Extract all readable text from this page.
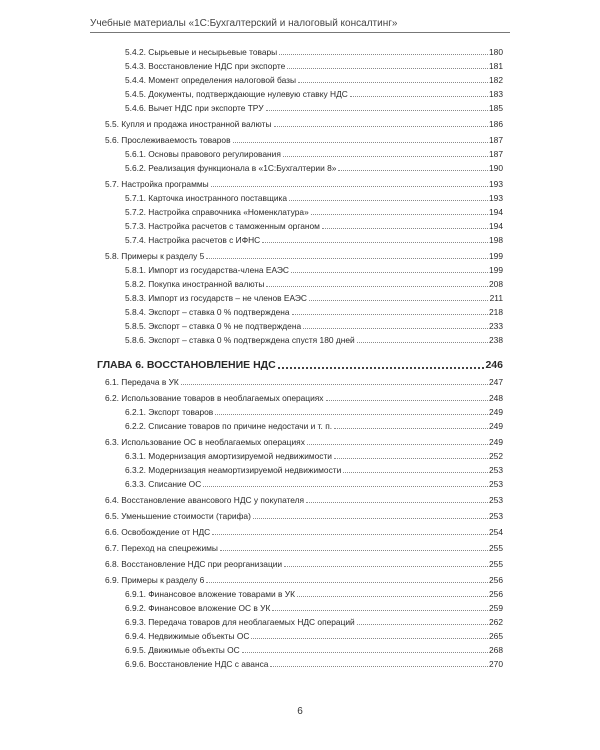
Учебные материалы «1С:Бухгалтерский и налоговый консалтинг»
5.4.2. Сырьевые и несырьевые товары	180
5.4.3. Восстановление НДС при экспорте	181
5.4.4. Момент определения налоговой базы	182
5.4.5. Документы, подтверждающие нулевую ставку НДС	183
5.4.6. Вычет НДС при экспорте ТРУ	185
5.5. Купля и продажа иностранной валюты	186
5.6. Прослеживаемость товаров	187
5.6.1. Основы правового регулирования	187
5.6.2. Реализация функционала в «1С:Бухгалтерии 8»	190
5.7. Настройка программы	193
5.7.1. Карточка иностранного поставщика	193
5.7.2. Настройка справочника «Номенклатура»	194
5.7.3. Настройка расчетов с таможенным органом	194
5.7.4. Настройка расчетов с ИФНС	198
5.8. Примеры к разделу 5	199
5.8.1. Импорт из государства-члена ЕАЭС	199
5.8.2. Покупка иностранной валюты	208
5.8.3. Импорт из государств – не членов ЕАЭС	211
5.8.4. Экспорт – ставка 0 % подтверждена	218
5.8.5. Экспорт – ставка 0 % не подтверждена	233
5.8.6. Экспорт – ставка 0 % подтверждена спустя 180 дней	238
ГЛАВА 6. ВОССТАНОВЛЕНИЕ НДС	246
6.1. Передача в УК	247
6.2. Использование товаров в необлагаемых операциях	248
6.2.1. Экспорт товаров	249
6.2.2. Списание товаров по причине недостачи и т. п.	249
6.3. Использование ОС в необлагаемых операциях	249
6.3.1. Модернизация амортизируемой недвижимости	252
6.3.2. Модернизация неамортизируемой недвижимости	253
6.3.3. Списание ОС	253
6.4. Восстановление авансового НДС у покупателя	253
6.5. Уменьшение стоимости (тарифа)	253
6.6. Освобождение от НДС	254
6.7. Переход на спецрежимы	255
6.8. Восстановление НДС при реорганизации	255
6.9. Примеры к разделу 6	256
6.9.1. Финансовое вложение товарами в УК	256
6.9.2. Финансовое вложение ОС в УК	259
6.9.3. Передача товаров для необлагаемых НДС операций	262
6.9.4. Недвижимые объекты ОС	265
6.9.5. Движимые объекты ОС	268
6.9.6. Восстановление НДС с аванса	270
6
